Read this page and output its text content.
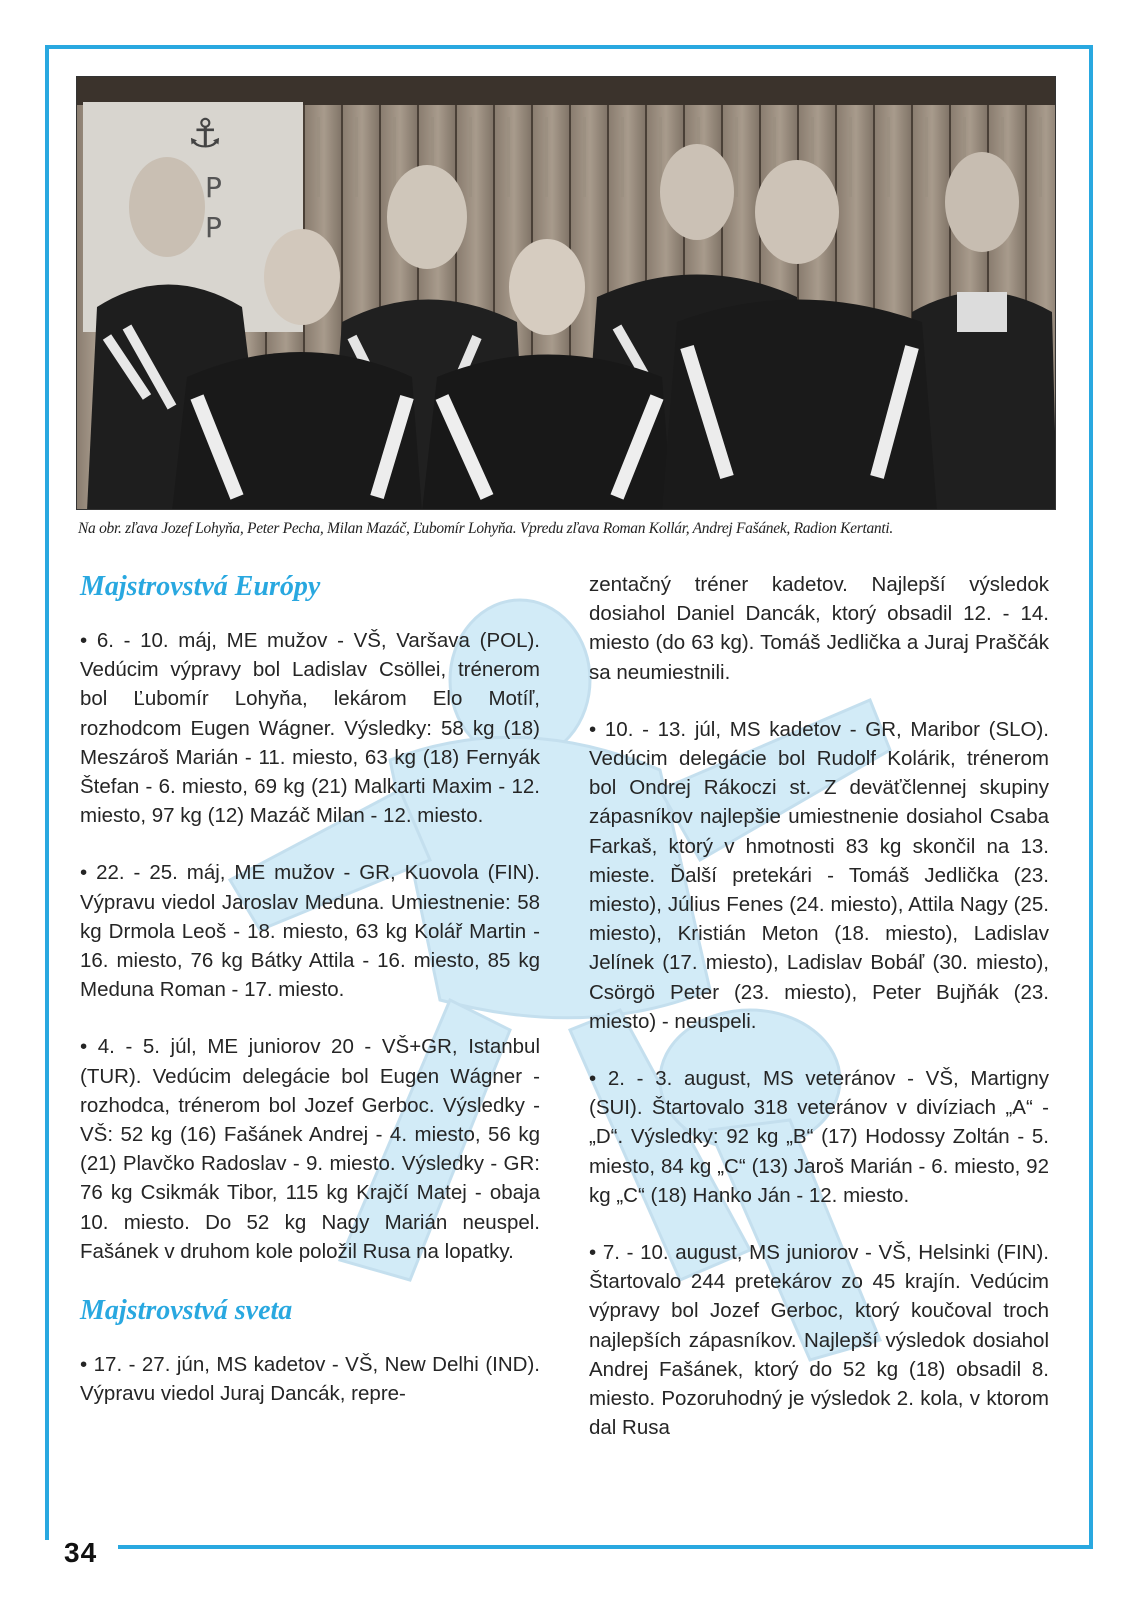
34
⚓
P
P
Na obr. zľava Jozef Lohyňa, Peter Pecha, Milan Mazáč, Ľubomír Lohyňa. Vpredu zľava Roman Kollár, Andrej Fašánek, Radion Kertanti.
Majstrovstvá Európy

• 6. - 10. máj, ME mužov - VŠ, Varšava (POL). Vedúcim výpravy bol Ladislav Csöllei, trénerom bol Ľubomír Lohyňa, lekárom Elo Motíľ, rozhodcom Eugen Wágner. Výsledky: 58 kg (18) Meszároš Marián - 11. miesto, 63 kg (18) Fernyák Štefan - 6. miesto, 69 kg (21) Malkarti Maxim - 12. miesto, 97 kg (12) Mazáč Milan - 12. miesto.

• 22. - 25. máj, ME mužov - GR, Kuovola (FIN). Výpravu viedol Jaroslav Meduna. Umiestnenie: 58 kg Drmola Leoš - 18. miesto, 63 kg Kolář Martin - 16. miesto, 76 kg Bátky Attila - 16. miesto, 85 kg Meduna Roman - 17. miesto.

• 4. - 5. júl, ME juniorov 20 - VŠ+GR, Istanbul (TUR). Vedúcim delegácie bol Eugen Wágner - rozhodca, trénerom bol Jozef Gerboc. Výsledky - VŠ: 52 kg (16) Fašánek Andrej - 4. miesto, 56 kg (21) Plavčko Radoslav - 9. miesto. Výsledky - GR: 76 kg Csikmák Tibor, 115 kg Krajčí Matej - obaja 10. miesto. Do 52 kg Nagy Marián neuspel. Fašánek v druhom kole položil Rusa na lopatky.

Majstrovstvá sveta

• 17. - 27. jún, MS kadetov - VŠ, New Delhi (IND). Výpravu viedol Juraj Dancák, repre-

zentačný tréner kadetov. Najlepší výsledok dosiahol Daniel Dancák, ktorý obsadil 12. - 14. miesto (do 63 kg). Tomáš Jedlička a Juraj Praščák sa neumiestnili.

• 10. - 13. júl, MS kadetov - GR, Maribor (SLO). Vedúcim delegácie bol Rudolf Kolárik, trénerom bol Ondrej Rákoczi st. Z deväťčlennej skupiny zápasníkov najlepšie umiestnenie dosiahol Csaba Farkaš, ktorý v hmotnosti 83 kg skončil na 13. mieste. Ďalší pretekári - Tomáš Jedlička (23. miesto), Július Fenes (24. miesto), Attila Nagy (25. miesto), Kristián Meton (18. miesto), Ladislav Jelínek (17. miesto), Ladislav Bobáľ (30. miesto), Csörgö Peter (23. miesto), Peter Bujňák (23. miesto) - neuspeli.

• 2. - 3. august, MS veteránov - VŠ, Martigny (SUI). Štartovalo 318 veteránov v divíziach „A“ - „D“. Výsledky: 92 kg „B“ (17) Hodossy Zoltán - 5. miesto, 84 kg „C“ (13) Jaroš Marián - 6. miesto, 92 kg „C“ (18) Hanko Ján - 12. miesto.

• 7. - 10. august, MS juniorov - VŠ, Helsinki (FIN). Štartovalo 244 pretekárov zo 45 krajín. Vedúcim výpravy bol Jozef Gerboc, ktorý koučoval troch najlepších zápasníkov. Najlepší výsledok dosiahol Andrej Fašánek, ktorý do 52 kg (18) obsadil 8. miesto. Pozoruhodný je výsledok 2. kola, v ktorom dal Rusa
